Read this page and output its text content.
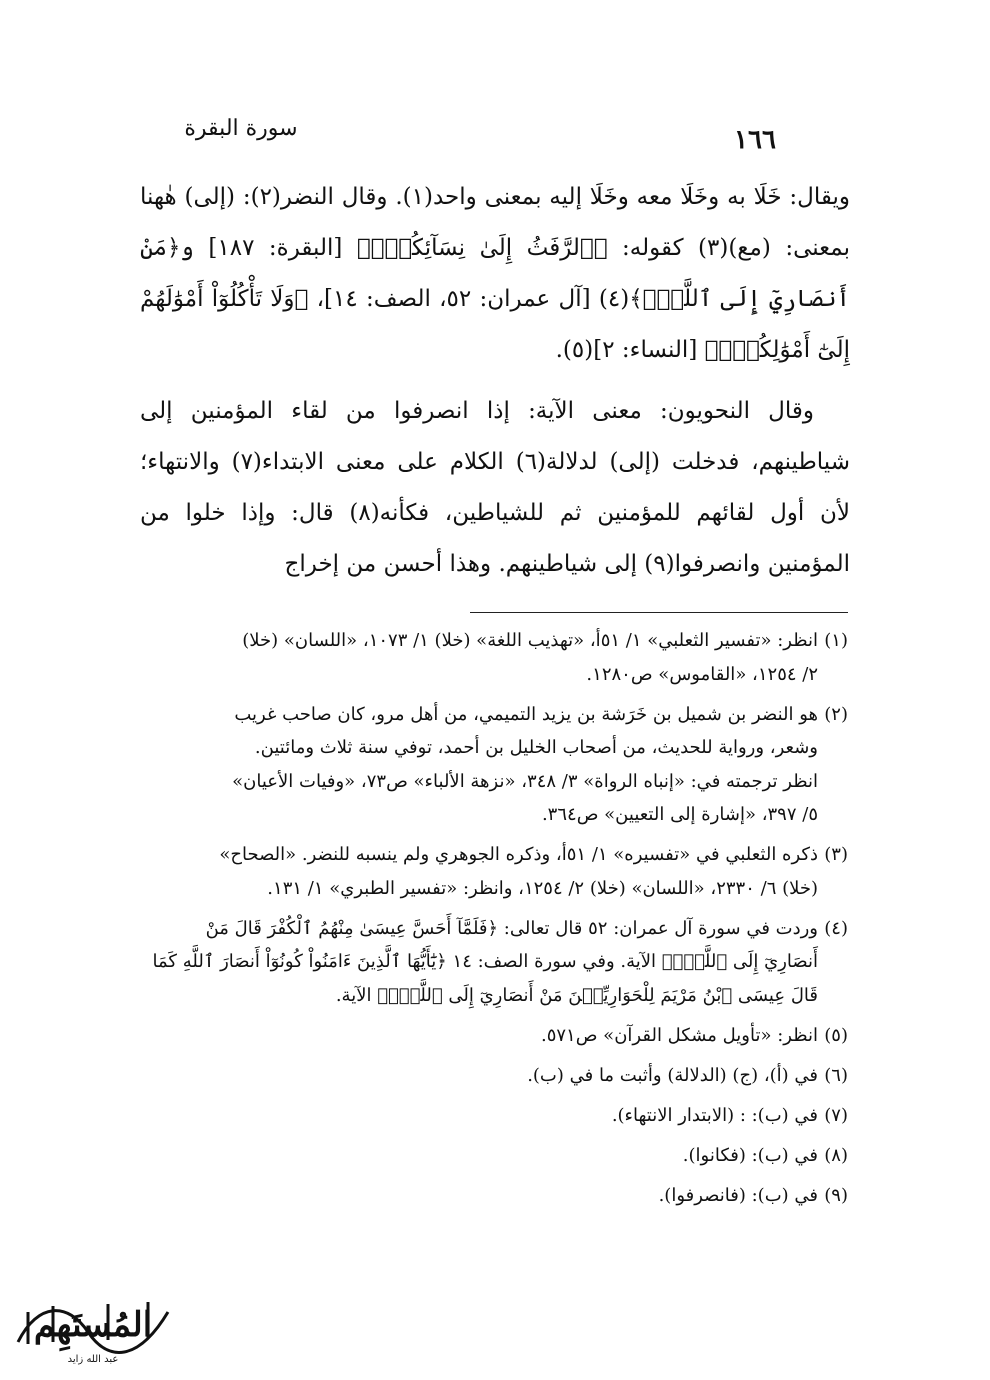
سورة البقرة	١٦٦

ويقال: خَلَا به وخَلَا معه وخَلَا إليه بمعنى واحد(١). وقال النضر(٢): (إلى) هٰهنا بمعنى: (مع)(٣) كقوله: ﴿ٱلرَّفَثُ إِلَىٰ نِسَآئِكُمْۚ﴾ [البقرة: ١٨٧] و﴿مَنْ أَنصَارِيٓ إِلَى ٱللَّهِۖ﴾(٤) [آل عمران: ٥٢، الصف: ١٤]، ﴿وَلَا تَأْكُلُوٓاْ أَمْوَٰلَهُمْ إِلَىٰٓ أَمْوَٰلِكُمْۚ﴾ [النساء: ٢](٥).

وقال النحويون: معنى الآية: إذا انصرفوا من لقاء المؤمنين إلى شياطينهم، فدخلت (إلى) لدلالة(٦) الكلام على معنى الابتداء(٧) والانتهاء؛ لأن أول لقائهم للمؤمنين ثم للشياطين، فكأنه(٨) قال: وإذا خلوا من المؤمنين وانصرفوا(٩) إلى شياطينهم. وهذا أحسن من إخراج

(١)
انظر: «تفسير الثعلبي» ١/ ٥١أ، «تهذيب اللغة» (خلا) ١/ ١٠٧٣، «اللسان» (خلا)
٢/ ١٢٥٤، «القاموس» ص١٢٨٠.
(٢)
هو النضر بن شميل بن خَرَشة بن يزيد التميمي، من أهل مرو، كان صاحب غريب
وشعر، ورواية للحديث، من أصحاب الخليل بن أحمد، توفي سنة ثلاث ومائتين.
انظر ترجمته في: «إنباه الرواة» ٣/ ٣٤٨، «نزهة الألباء» ص٧٣، «وفيات الأعيان»
٥/ ٣٩٧، «إشارة إلى التعيين» ص٣٦٤.
(٣)
ذكره الثعلبي في «تفسيره» ١/ ٥١أ، وذكره الجوهري ولم ينسبه للنضر. «الصحاح»
(خلا) ٦/ ٢٣٣٠، «اللسان» (خلا) ٢/ ١٢٥٤، وانظر: «تفسير الطبري» ١/ ١٣١.
(٤)
وردت في سورة آل عمران: ٥٢ قال تعالى: ﴿فَلَمَّآ أَحَسَّ عِيسَىٰ مِنْهُمُ ٱلْكُفْرَ قَالَ مَنْ
أَنصَارِيٓ إِلَى ٱللَّهِۖ﴾ الآية. وفي سورة الصف: ١٤ ﴿يَٰٓأَيُّهَا ٱلَّذِينَ ءَامَنُواْ كُونُوٓاْ أَنصَارَ ٱللَّهِ كَمَا
قَالَ عِيسَى ٱبْنُ مَرْيَمَ لِلْحَوَارِيِّـۧنَ مَنْ أَنصَارِيٓ إِلَى ٱللَّهِۖ﴾ الآية.
(٥)
انظر: «تأويل مشكل القرآن» ص٥٧١.
(٦)
في (أ)، (ج) (الدلالة) وأثبت ما في (ب).
(٧)
في (ب): : (الابتدار الانتهاء).
(٨)
في (ب): (فكانوا).
(٩)
في (ب): (فانصرفوا).
المُستَهِم
عبد الله زايد
